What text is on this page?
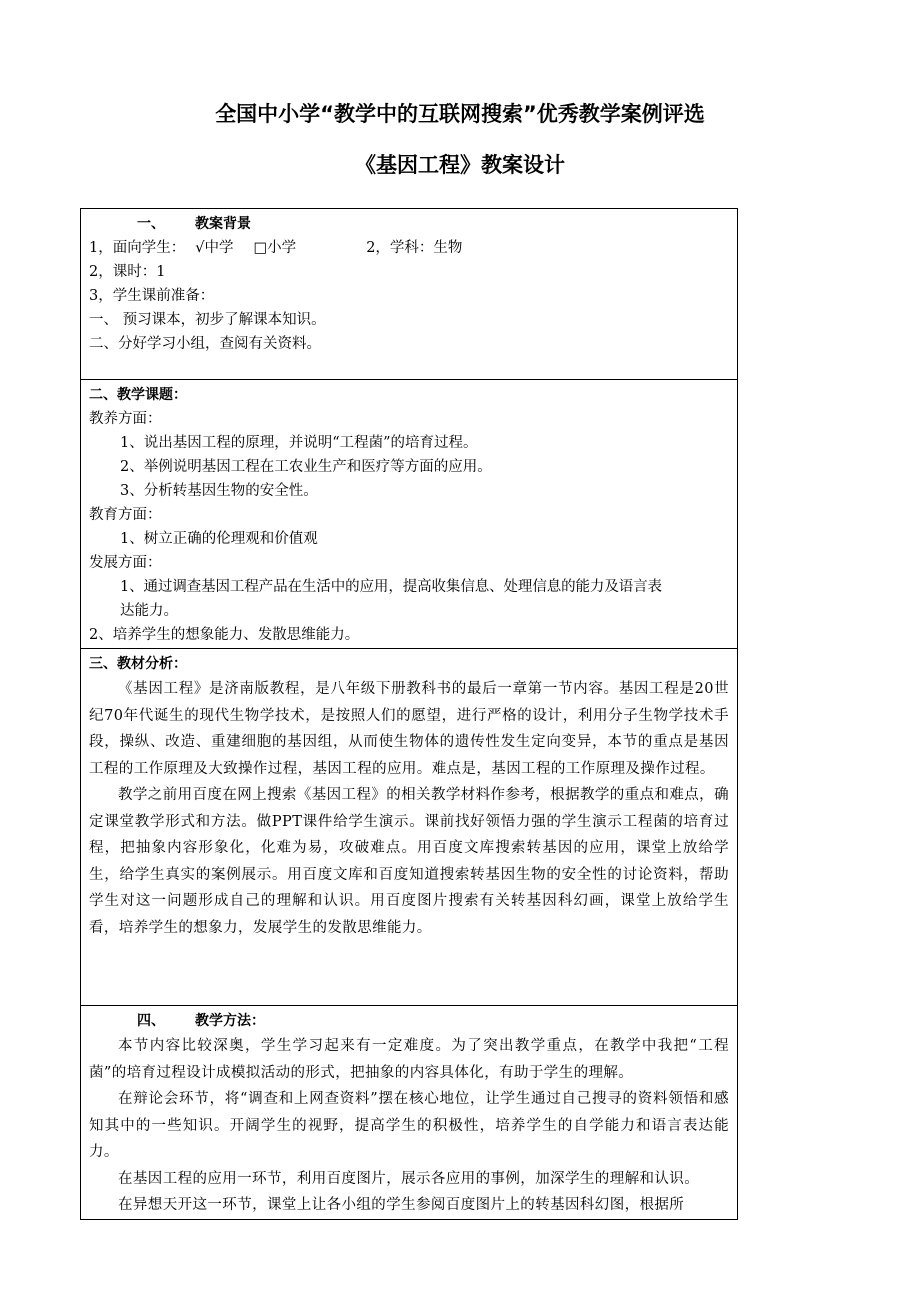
全国中小学“教学中的互联网搜索”优秀教学案例评选
《基因工程》教案设计
一、 教案背景
1，面向学生： √中学 □小学	2，学科：生物
2，课时：1
3，学生课前准备：
一、 预习课本，初步了解课本知识。
二、分好学习小组，查阅有关资料。

二、教学课题：
教养方面：
1、说出基因工程的原理，并说明“工程菌”的培育过程。
2、举例说明基因工程在工农业生产和医疗等方面的应用。
3、分析转基因生物的安全性。
教育方面：
1、树立正确的伦理观和价值观
发展方面：
1、通过调查基因工程产品在生活中的应用，提高收集信息、处理信息的能力及语言表
达能力。
2、培养学生的想象能力、发散思维能力。

三、教材分析：
《基因工程》是济南版教程，是八年级下册教科书的最后一章第一节内容。基因工程是20世纪70年代诞生的现代生物学技术，是按照人们的愿望，进行严格的设计，利用分子生物学技术手段，操纵、改造、重建细胞的基因组，从而使生物体的遗传性发生定向变异，本节的重点是基因工程的工作原理及大致操作过程，基因工程的应用。难点是，基因工程的工作原理及操作过程。
教学之前用百度在网上搜索《基因工程》的相关教学材料作参考，根据教学的重点和难点，确定课堂教学形式和方法。做PPT课件给学生演示。课前找好领悟力强的学生演示工程菌的培育过程，把抽象内容形象化，化难为易，攻破难点。用百度文库搜索转基因的应用，课堂上放给学生，给学生真实的案例展示。用百度文库和百度知道搜索转基因生物的安全性的讨论资料，帮助学生对这一问题形成自己的理解和认识。用百度图片搜索有关转基因科幻画，课堂上放给学生看，培养学生的想象力，发展学生的发散思维能力。

四、 教学方法：
本节内容比较深奥，学生学习起来有一定难度。为了突出教学重点，在教学中我把“工程菌”的培育过程设计成模拟活动的形式，把抽象的内容具体化，有助于学生的理解。
在辩论会环节，将“调查和上网查资料”摆在核心地位，让学生通过自己搜寻的资料领悟和感知其中的一些知识。开阔学生的视野，提高学生的积极性，培养学生的自学能力和语言表达能力。
在基因工程的应用一环节，利用百度图片，展示各应用的事例，加深学生的理解和认识。
在异想天开这一环节，课堂上让各小组的学生参阅百度图片上的转基因科幻图，根据所
